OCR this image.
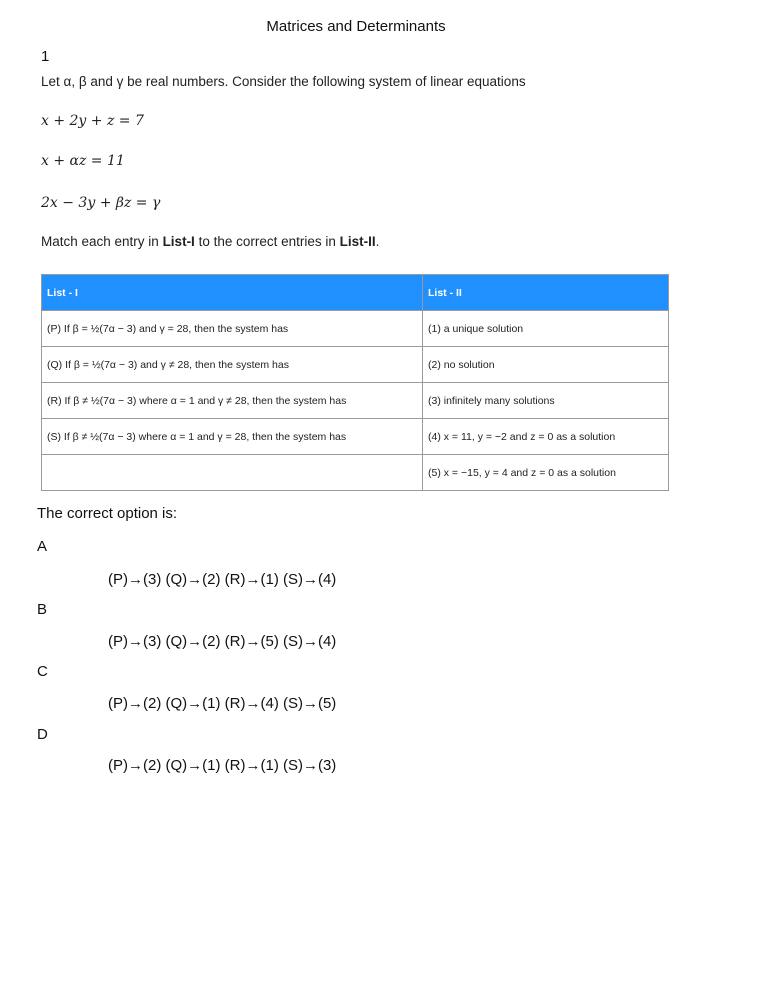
Matrices and Determinants
1
Let α, β and γ be real numbers. Consider the following system of linear equations
x + 2y + z = 7
x + αz = 11
2x − 3y + βz = γ
Match each entry in List-I to the correct entries in List-II.
List - I	List - II
(P) If β = ½(7α − 3) and γ = 28, then the system has	(1) a unique solution
(Q) If β = ½(7α − 3) and γ ≠ 28, then the system has	(2) no solution
(R) If β ≠ ½(7α − 3) where α = 1 and γ ≠ 28, then the system has	(3) infinitely many solutions
(S) If β ≠ ½(7α − 3) where α = 1 and γ = 28, then the system has	(4) x = 11, y = −2 and z = 0 as a solution
	(5) x = −15, y = 4 and z = 0 as a solution
The correct option is:
A
(P)→(3) (Q)→(2) (R)→(1) (S)→(4)
B
(P)→(3) (Q)→(2) (R)→(5) (S)→(4)
C
(P)→(2) (Q)→(1) (R)→(4) (S)→(5)
D
(P)→(2) (Q)→(1) (R)→(1) (S)→(3)
